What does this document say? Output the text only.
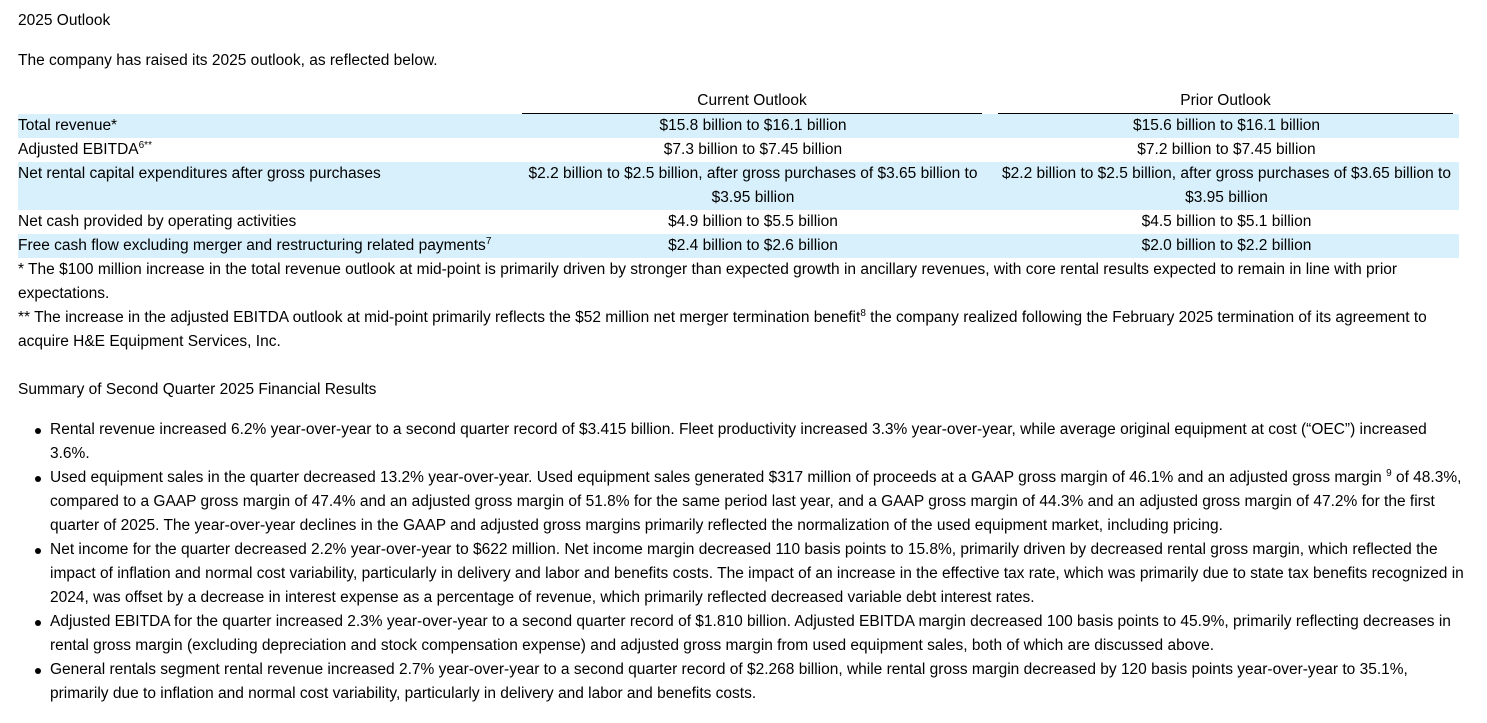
2025 Outlook

The company has raised its 2025 outlook, as reflected below.

	Current Outlook		Prior Outlook

Total revenue*	$15.8 billion to $16.1 billion		$15.6 billion to $16.1 billion
Adjusted $EBITDA^{6**}$	$7.3 billion to $7.45 billion		$7.2 billion to $7.45 billion
Net rental capital expenditures after gross purchases	$2.2 billion to $2.5 billion, after gross purchases of $3.65 billion to $3.95 billion		$2.2 billion to $2.5 billion, after gross purchases of $3.65 billion to $3.95 billion
Net cash provided by operating activities	$4.9 billion to $5.5 billion		$4.5 billion to $5.1 billion
Free cash flow excluding merger and restructuring related payments$^7$	$2.4 billion to $2.6 billion		$2.0 billion to $2.2 billion

* The $100 million increase in the total revenue outlook at mid-point is primarily driven by stronger than expected growth in ancillary revenues, with core rental results expected to remain in line with prior expectations.

** The increase in the adjusted EBITDA outlook at mid-point primarily reflects the $52 million net merger termination benefit$^8$ the company realized following the February 2025 termination of its agreement to acquire H&E Equipment Services, Inc.

Summary of Second Quarter 2025 Financial Results

Rental revenue increased 6.2% year-over-year to a second quarter record of $3.415 billion. Fleet productivity increased 3.3% year-over-year, while average original equipment at cost (“OEC”) increased 3.6%.
Used equipment sales in the quarter decreased 13.2% year-over-year. Used equipment sales generated $317 million of proceeds at a GAAP gross margin of 46.1% and an adjusted gross margin $^9$ of 48.3%, compared to a GAAP gross margin of 47.4% and an adjusted gross margin of 51.8% for the same period last year, and a GAAP gross margin of 44.3% and an adjusted gross margin of 47.2% for the first quarter of 2025. The year-over-year declines in the GAAP and adjusted gross margins primarily reflected the normalization of the used equipment market, including pricing.
Net income for the quarter decreased 2.2% year-over-year to $622 million. Net income margin decreased 110 basis points to 15.8%, primarily driven by decreased rental gross margin, which reflected the impact of inflation and normal cost variability, particularly in delivery and labor and benefits costs. The impact of an increase in the effective tax rate, which was primarily due to state tax benefits recognized in 2024, was offset by a decrease in interest expense as a percentage of revenue, which primarily reflected decreased variable debt interest rates.
Adjusted EBITDA for the quarter increased 2.3% year-over-year to a second quarter record of $1.810 billion. Adjusted EBITDA margin decreased 100 basis points to 45.9%, primarily reflecting decreases in rental gross margin (excluding depreciation and stock compensation expense) and adjusted gross margin from used equipment sales, both of which are discussed above.
General rentals segment rental revenue increased 2.7% year-over-year to a second quarter record of $2.268 billion, while rental gross margin decreased by 120 basis points year-over-year to 35.1%, primarily due to inflation and normal cost variability, particularly in delivery and labor and benefits costs.
